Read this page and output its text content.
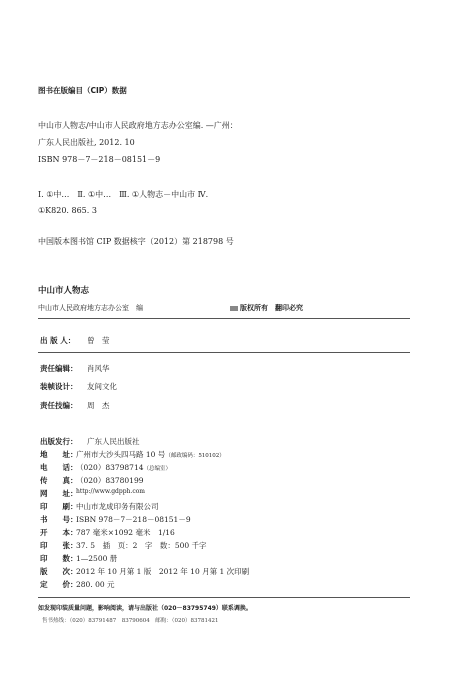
图书在版编目（CIP）数据
中山市人物志/中山市人民政府地方志办公室编. —广州：
广东人民出版社, 2012. 10
ISBN 978－7－218－08151－9
Ⅰ. ①中…　Ⅱ. ①中…　Ⅲ. ①人物志－中山市 Ⅳ.
①K820. 865. 3
中国版本图书馆 CIP 数据核字（2012）第 218798 号
中山市人物志
中山市人民政府地方志办公室　编	版权所有　翻印必究
出 版 人： 曾　莹
责任编辑： 肖风华
装帧设计： 友间文化
责任技编： 周　杰
出版发行： 广东人民出版社
地　　址：
广州市大沙头四马路 10 号（邮政编码：510102）
电　　话：
（020）83798714（总编室）
传　　真：
（020）83780199
网　　址：
http://www.gdpph.com
印　　刷：
中山市龙成印务有限公司
书　　号：
ISBN 978－7－218－08151－9
开　　本：
787 毫米×1092 毫米　1/16
印　　张：
37. 5　插　页：2　字　数：500 千字
印　　数：
1—2500 册
版　　次：
2012 年 10 月第 1 版　2012 年 10 月第 1 次印刷
定　　价：
280. 00 元
如发现印装质量问题，影响阅读，请与出版社（020－83795749）联系调换。
售书热线：（020）83791487　83790604　邮购：（020）83781421
